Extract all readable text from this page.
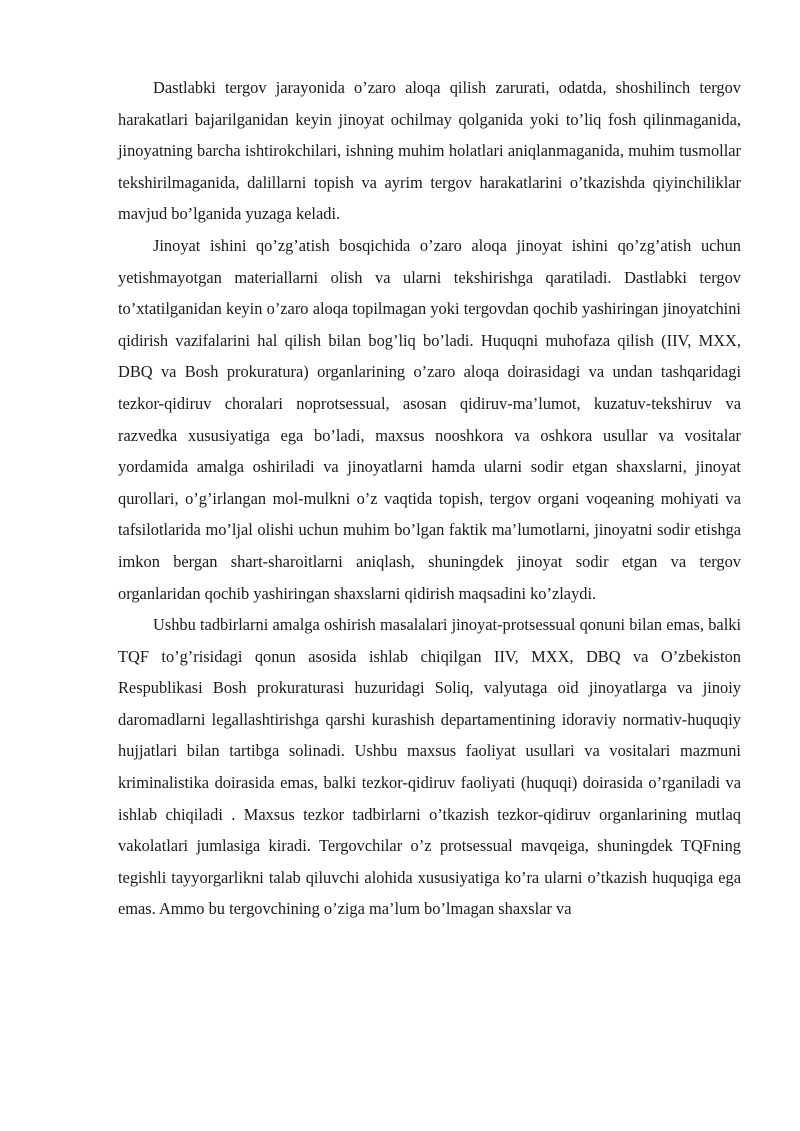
Dastlabki tergov jarayonida o’zaro aloqa qilish zarurati, odatda, shoshilinch tergov harakatlari bajarilganidan keyin jinoyat ochilmay qolganida yoki to’liq fosh qilinmaganida, jinoyatning barcha ishtirokchilari, ishning muhim holatlari aniqlanmaganida, muhim tusmollar tekshirilmaganida, dalillarni topish va ayrim tergov harakatlarini o’tkazishda qiyinchiliklar mavjud bo’lganida yuzaga keladi.

Jinoyat ishini qo’zg’atish bosqichida o’zaro aloqa jinoyat ishini qo’zg’atish uchun yetishmayotgan materiallarni olish va ularni tekshirishga qaratiladi. Dastlabki tergov to’xtatilganidan keyin o’zaro aloqa topilmagan yoki tergovdan qochib yashiringan jinoyatchini qidirish vazifalarini hal qilish bilan bog’liq bo’ladi. Huquqni muhofaza qilish (IIV, MXX, DBQ va Bosh prokuratura) organlarining o’zaro aloqa doirasidagi va undan tashqaridagi tezkor-qidiruv choralari noprotsessual, asosan qidiruv-ma’lumot, kuzatuv-tekshiruv va razvedka xususiyatiga ega bo’ladi, maxsus nooshkora va oshkora usullar va vositalar yordamida amalga oshiriladi va jinoyatlarni hamda ularni sodir etgan shaxslarni, jinoyat qurollari, o’g’irlangan mol-mulkni o’z vaqtida topish, tergov organi voqeaning mohiyati va tafsilotlarida mo’ljal olishi uchun muhim bo’lgan faktik ma’lumotlarni, jinoyatni sodir etishga imkon bergan shart-sharoitlarni aniqlash, shuningdek jinoyat sodir etgan va tergov organlaridan qochib yashiringan shaxslarni qidirish maqsadini ko’zlaydi.

Ushbu tadbirlarni amalga oshirish masalalari jinoyat-protsessual qonuni bilan emas, balki TQF to’g’risidagi qonun asosida ishlab chiqilgan IIV, MXX, DBQ va O’zbekiston Respublikasi Bosh prokuraturasi huzuridagi Soliq, valyutaga oid jinoyatlarga va jinoiy daromadlarni legallashtirishga qarshi kurashish departamentining idoraviy normativ-huquqiy hujjatlari bilan tartibga solinadi. Ushbu maxsus faoliyat usullari va vositalari mazmuni kriminalistika doirasida emas, balki tezkor-qidiruv faoliyati (huquqi) doirasida o’rganiladi va ishlab chiqiladi . Maxsus tezkor tadbirlarni o’tkazish tezkor-qidiruv organlarining mutlaq vakolatlari jumlasiga kiradi. Tergovchilar o’z protsessual mavqeiga, shuningdek TQFning tegishli tayyorgarlikni talab qiluvchi alohida xususiyatiga ko’ra ularni o’tkazish huquqiga ega emas. Ammo bu tergovchining o’ziga ma’lum bo’lmagan shaxslar va
